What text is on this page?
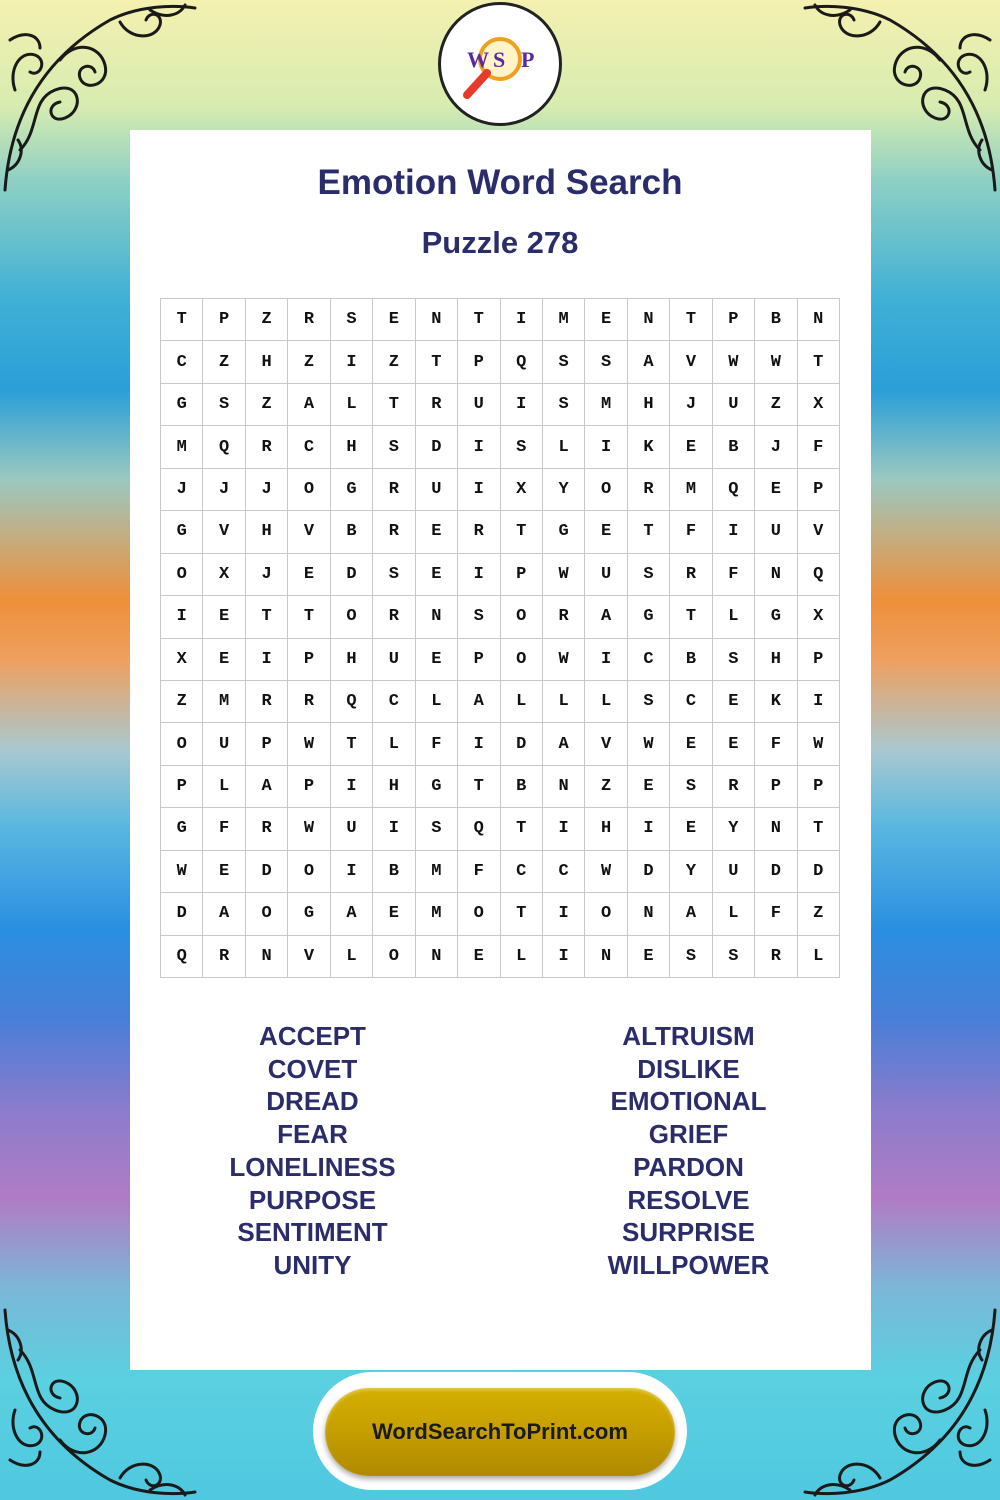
W S P
Emotion Word Search
Puzzle 278
T	P	Z	R	S	E	N	T	I	M	E	N	T	P	B	N
C	Z	H	Z	I	Z	T	P	Q	S	S	A	V	W	W	T
G	S	Z	A	L	T	R	U	I	S	M	H	J	U	Z	X
M	Q	R	C	H	S	D	I	S	L	I	K	E	B	J	F
J	J	J	O	G	R	U	I	X	Y	O	R	M	Q	E	P
G	V	H	V	B	R	E	R	T	G	E	T	F	I	U	V
O	X	J	E	D	S	E	I	P	W	U	S	R	F	N	Q
I	E	T	T	O	R	N	S	O	R	A	G	T	L	G	X
X	E	I	P	H	U	E	P	O	W	I	C	B	S	H	P
Z	M	R	R	Q	C	L	A	L	L	L	S	C	E	K	I
O	U	P	W	T	L	F	I	D	A	V	W	E	E	F	W
P	L	A	P	I	H	G	T	B	N	Z	E	S	R	P	P
G	F	R	W	U	I	S	Q	T	I	H	I	E	Y	N	T
W	E	D	O	I	B	M	F	C	C	W	D	Y	U	D	D
D	A	O	G	A	E	M	O	T	I	O	N	A	L	F	Z
Q	R	N	V	L	O	N	E	L	I	N	E	S	S	R	L
ACCEPT
COVET
DREAD
FEAR
LONELINESS
PURPOSE
SENTIMENT
UNITY
ALTRUISM
DISLIKE
EMOTIONAL
GRIEF
PARDON
RESOLVE
SURPRISE
WILLPOWER
WordSearchToPrint.com
